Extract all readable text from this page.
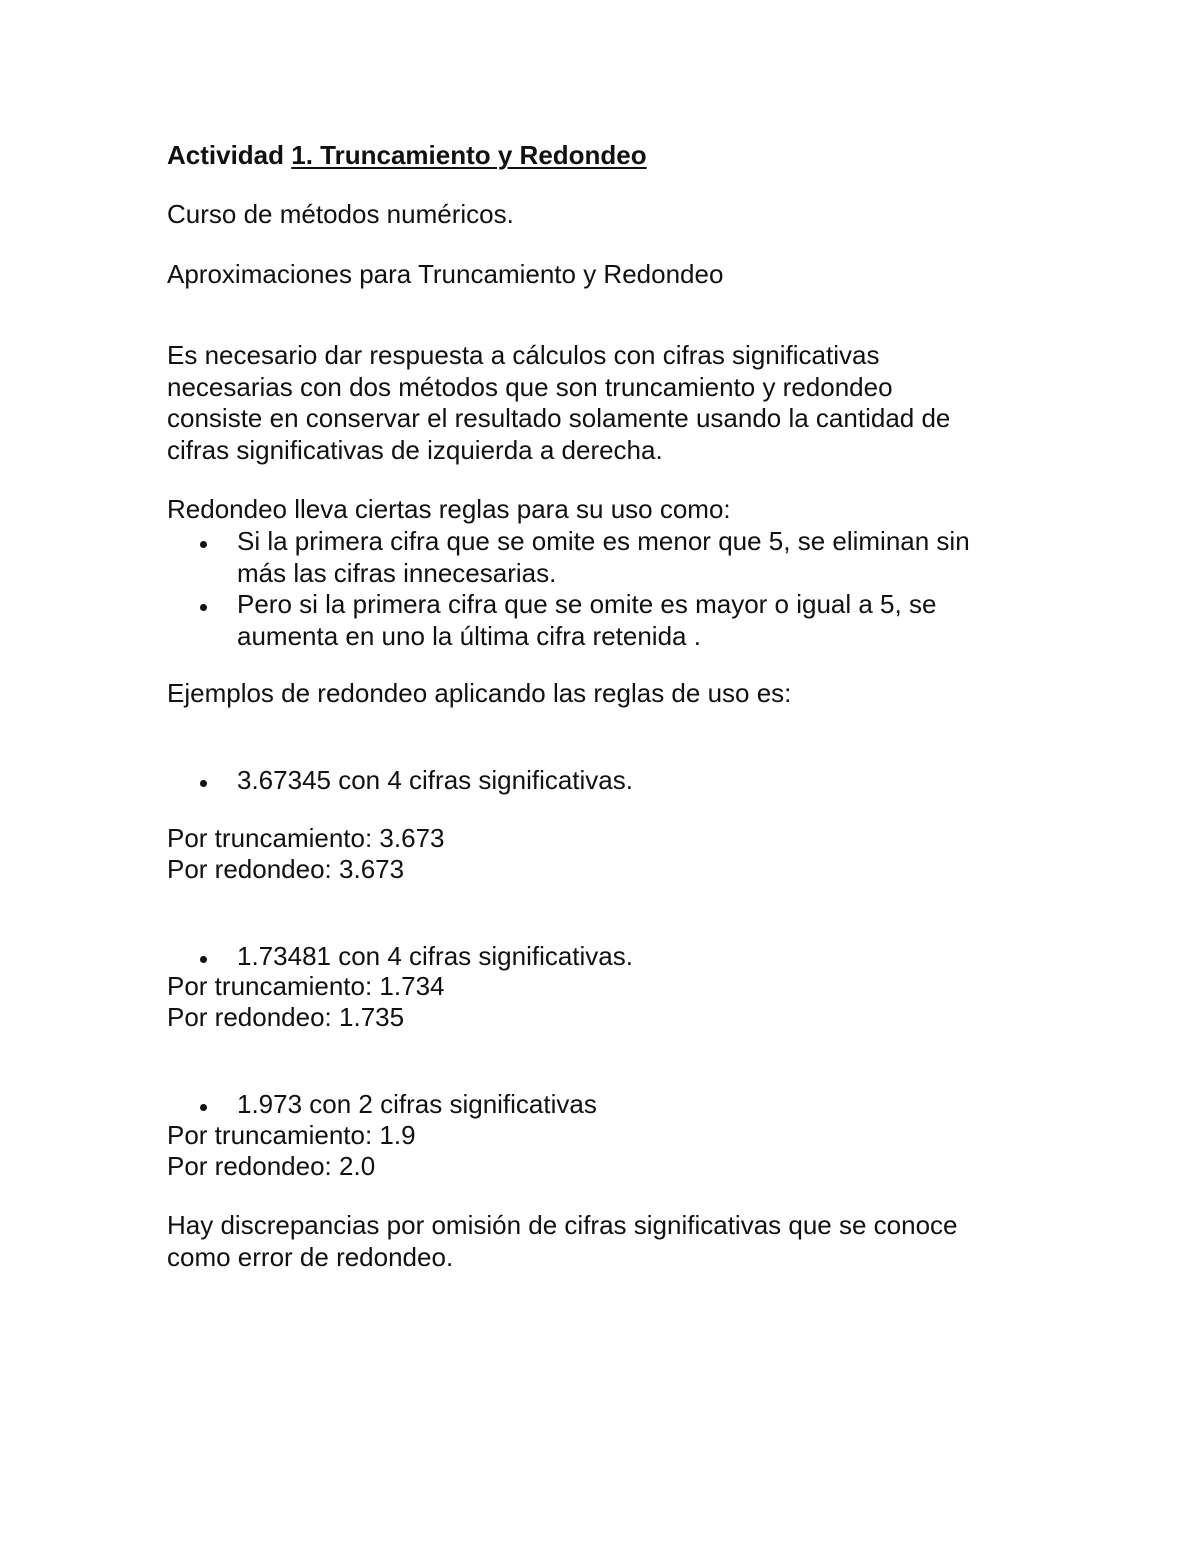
Actividad 1. Truncamiento y Redondeo
Curso de métodos numéricos.
Aproximaciones para Truncamiento y Redondeo
Es necesario dar respuesta a cálculos con cifras significativas
necesarias con dos métodos que son truncamiento y redondeo
consiste en conservar el resultado solamente usando la cantidad de
cifras significativas de izquierda a derecha.
Redondeo lleva ciertas reglas para su uso como:
Si la primera cifra que se omite es menor que 5, se eliminan sin
más las cifras innecesarias.
Pero si la primera cifra que se omite es mayor o igual a 5, se
aumenta en uno la última cifra retenida .
Ejemplos de redondeo aplicando las reglas de uso es:
3.67345 con 4 cifras significativas.
Por truncamiento: 3.673
Por redondeo: 3.673
1.73481 con 4 cifras significativas.
Por truncamiento: 1.734
Por redondeo: 1.735
1.973 con 2 cifras significativas
Por truncamiento: 1.9
Por redondeo: 2.0
Hay discrepancias por omisión de cifras significativas que se conoce
como error de redondeo.
